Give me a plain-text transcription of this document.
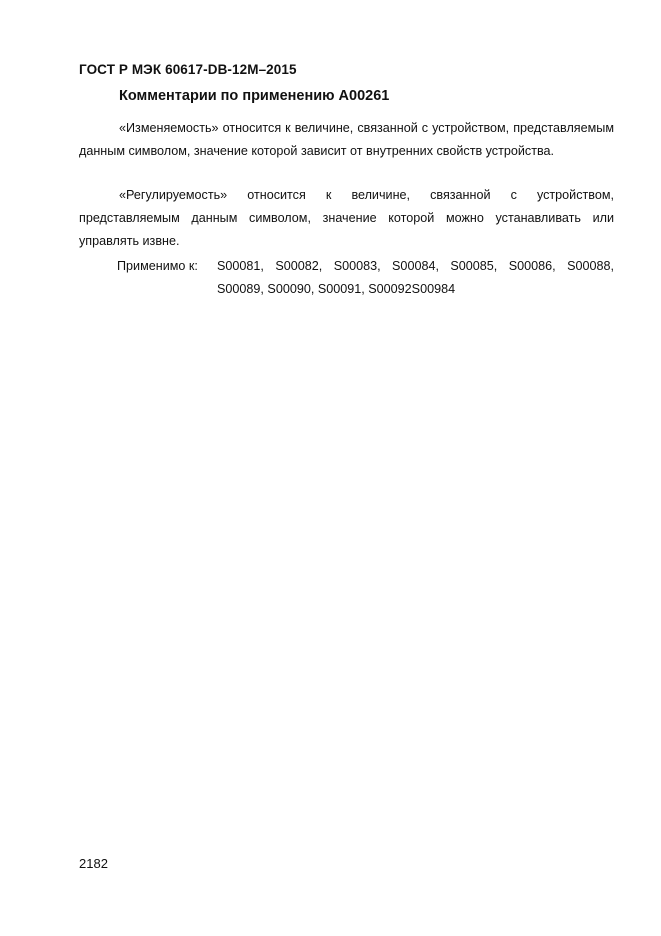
ГОСТ Р МЭК 60617-DB-12M–2015
Комментарии по применению A00261

«Изменяемость» относится к величине, связанной с устройством, представляемым данным символом, значение которой зависит от внутренних свойств устройства.

«Регулируемость» относится к величине, связанной с устройством, представляемым данным символом, значение которой можно устанавливать или управлять извне.

Применимо к:	S00081, S00082, S00083, S00084, S00085, S00086, S00088, S00089, S00090, S00091, S00092S00984
2182
